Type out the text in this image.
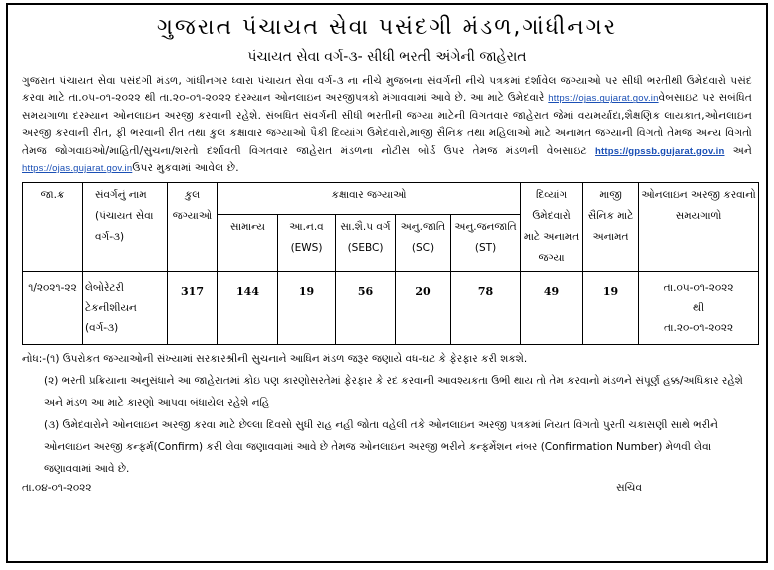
ગુજરાત પંચાયત સેવા પસંદગી મંડળ,ગાંધીનગર
પંચાયત સેવા વર્ગ-૩- સીધી ભરતી અંગેની જાહેરાત
ગુજરાત પંચાયત સેવા પસંદગી મંડળ, ગાંધીનગર ધ્વારા પંચાયત સેવા વર્ગ-૩ ના નીચે મુજબના સંવર્ગની નીચે પત્રકમાં દર્શાવેલ જગ્યાઓ પર સીધી ભરતીથી ઉમેદવારો પસંદ કરવા માટે તા.૦૫-૦૧-૨૦૨૨ થી તા.૨૦-૦૧-૨૦૨૨ દરમ્યાન ઓનલાઇન અરજીપત્રકો મંગાવવામાં આવે છે. આ માટે ઉમેદવારે https://ojas.gujarat.gov.inવેબસાઇટ પર સબંધિત સમયગાળા દરમ્યાન ઓનલાઇન અરજી કરવાની રહેશે. સંબધિત સંવર્ગની સીધી ભરતીની જગ્યા માટેની વિગતવાર જાહેરાત જેમાં વયમર્યાદા,શૈક્ષણિક લાયકાત,ઓનલાઇન અરજી કરવાની રીત, ફી ભરવાની રીત તથા કુલ કક્ષાવાર જગ્યાઓ પૈકી દિવ્યાંગ ઉમેદવારો,માજી સૈનિક તથા મહિલાઓ માટે અનામત જગ્યાની વિગતો તેમજ અન્ય વિગતો તેમજ જોગવાઇઓ/માહિતી/સુચના/શરતો દર્શાવતી વિગતવાર જાહેરાત મંડળના નોટીસ બોર્ડ ઉપર તેમજ મંડળની વેબસાઇટ https://gpssb.gujarat.gov.in અને https://ojas.gujarat.gov.inઉપર મુકવામાં આવેલ છે.
જા.ક્ર	સંવર્ગનું નામ (પંચાયત સેવા વર્ગ-૩)	કુલ જગ્યાઓ	કક્ષાવાર જગ્યાઓ					દિવ્યાંગ ઉમેદવારો માટે અનામત જગ્યા	માજી સૈનિક માટે અનામત	ઓનલાઇન અરજી કરવાનો સમયગાળો
			સામાન્ય	આ.ન.વ (EWS)	સા.શૈ.પ વર્ગ (SEBC)	અનુ.જાતિ (SC)	અનુ.જનજાતિ (ST)			
૧/૨૦૨૧-૨૨	લેબોરેટરી ટેકનીશીયન (વર્ગ-૩)	317	144	19	56	20	78	49	19	તા.૦૫-૦૧-૨૦૨૨
થી
તા.૨૦-૦૧-૨૦૨૨
નોધ:-(૧) ઉપરોકત જગ્યાઓની સંખ્યામાં સરકારશ્રીની સુચનાને આધિન મંડળ જરૂર જણાયે વધ-ઘટ કે ફેરફાર કરી શકશે.
(૨) ભરતી પ્રક્રિયાના અનુસંધાને આ જાહેરાતમાં કોઇ પણ કારણોસરતેમાં ફેરફાર કે રદ કરવાની આવશ્યકતા ઉભી થાય તો તેમ કરવાનો મંડળને સંપૂર્ણ હક્ક/અધિકાર રહેશે અને મંડળ આ માટે કારણો આપવા બંધાયેલ રહેશે નહિ
(૩) ઉમેદવારોને ઓનલાઇન અરજી કરવા માટે છેલ્લા દિવસો સુધી રાહ નહી જોતા વહેલી તકે ઓનલાઇન અરજી પત્રકમાં નિયત વિગતો પુરતી ચકાસણી સાથે ભરીને ઓનલાઇન અરજી કન્ફર્મ(Confirm) કરી લેવા જણાવવામાં આવે છે તેમજ ઓનલાઇન અરજી ભરીને કન્ફર્મેશન નંબર (Confirmation Number) મેળવી લેવા જણાવવામાં આવે છે.
તા.૦૪-૦૧-૨૦૨૨	સચિવ
